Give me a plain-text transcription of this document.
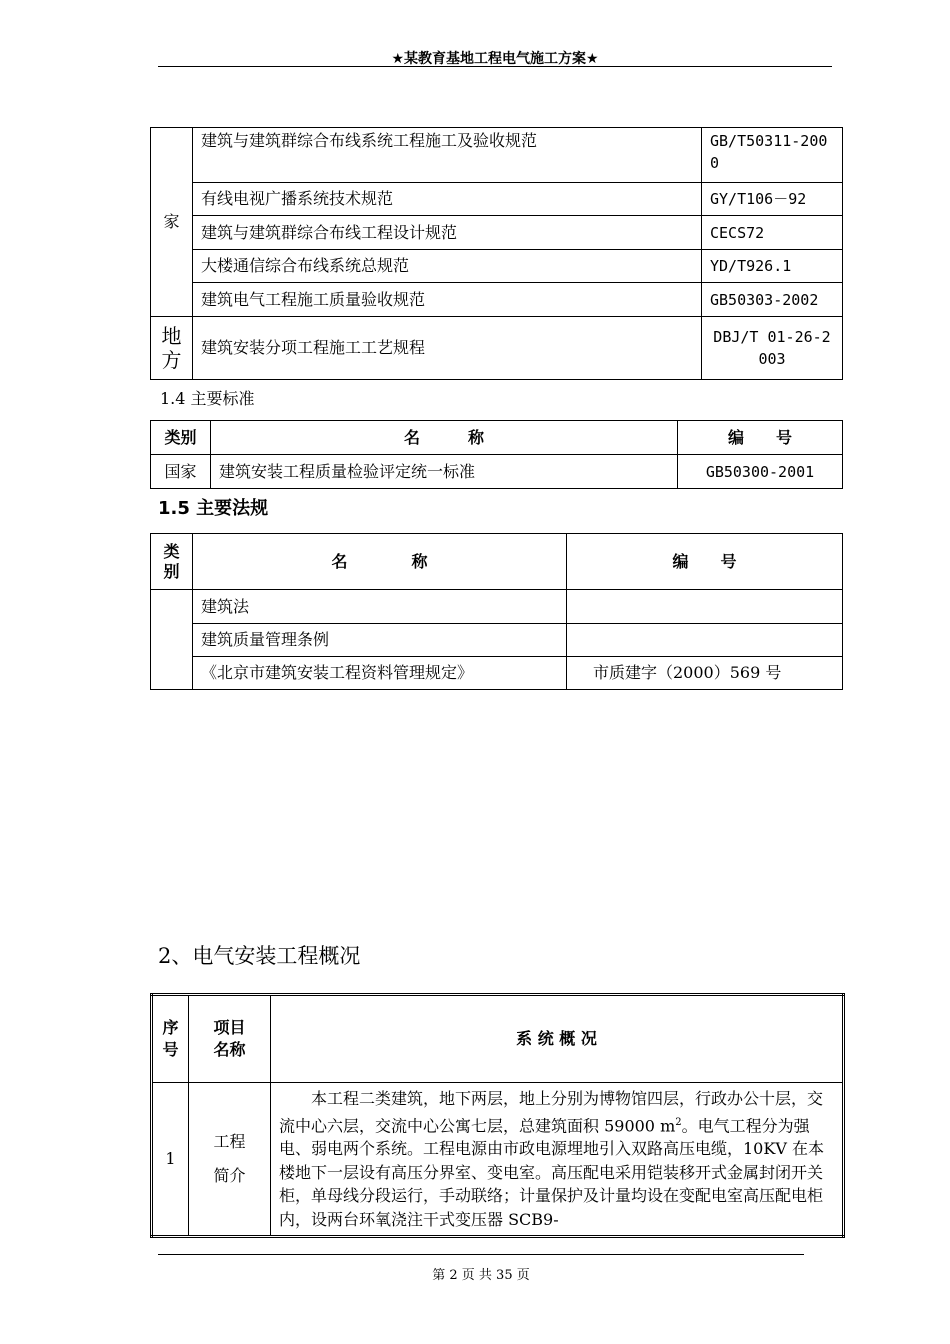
★某教育基地工程电气施工方案★
家	建筑与建筑群综合布线系统工程施工及验收规范	GB/T50311-2000
	有线电视广播系统技术规范	GY/T106－92
	建筑与建筑群综合布线工程设计规范	CECS72
	大楼通信综合布线系统总规范	YD/T926.1
	建筑电气工程施工质量验收规范	GB50303-2002
地方	建筑安装分项工程施工工艺规程	DBJ/T 01-26-2003
1.4 主要标准
类别	名　　　称	编　　号
国家	建筑安装工程质量检验评定统一标准	GB50300-2001
1.5 主要法规
类别	名　　　　称	编　　号
	建筑法	
	建筑质量管理条例	
	《北京市建筑安装工程资料管理规定》	市质建字（2000）569 号
2、电气安装工程概况
序号	项目名称	系 统 概 况
1	工程简介	本工程二类建筑，地下两层，地上分别为博物馆四层，行政办公十层，交流中心六层，交流中心公寓七层，总建筑面积 59000 $m^2$。电气工程分为强电、弱电两个系统。工程电源由市政电源埋地引入双路高压电缆，10KV 在本楼地下一层设有高压分界室、变电室。高压配电采用铠装移开式金属封闭开关柜，单母线分段运行，手动联络；计量保护及计量均设在变配电室高压配电柜内，设两台环氧浇注干式变压器 SCB9-
第 2 页 共 35 页
